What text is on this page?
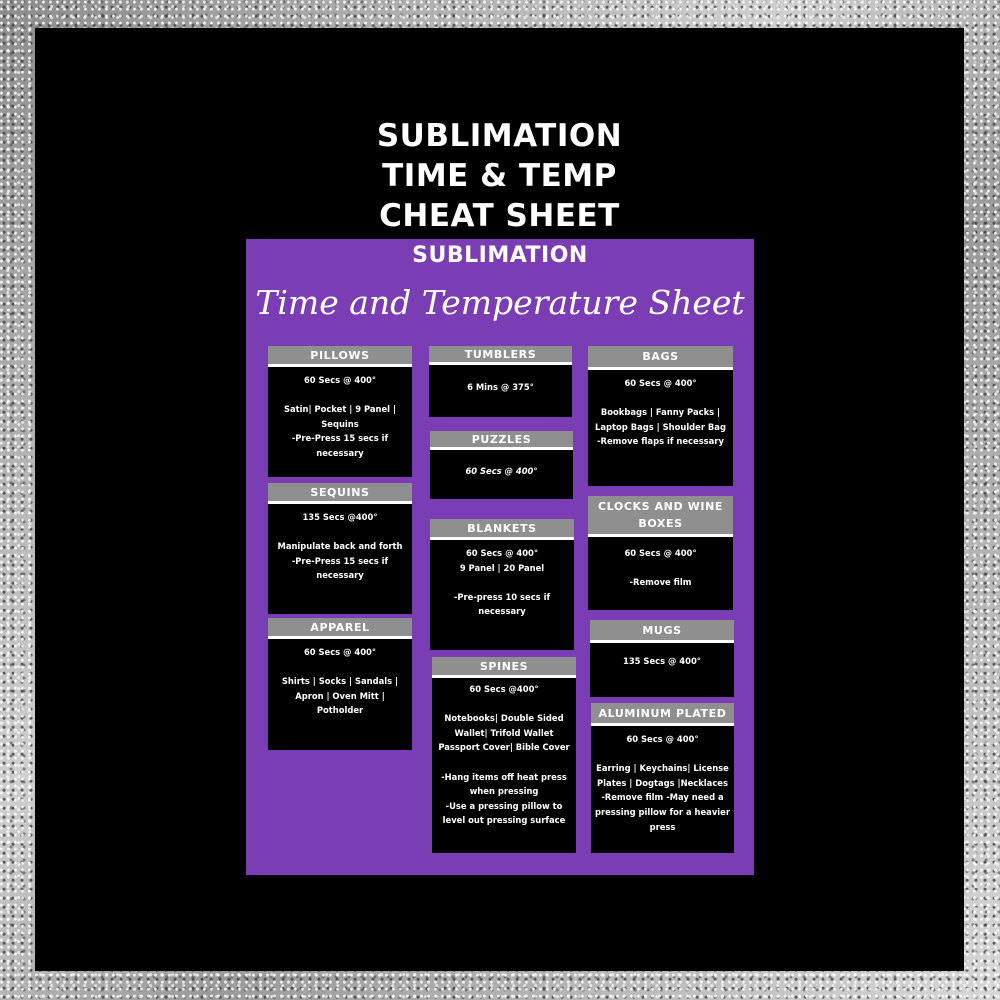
SUBLIMATION
TIME & TEMP
CHEAT SHEET
SUBLIMATION
Time and Temperature Sheet
PILLOWS
60 Secs @ 400°

Satin| Pocket | 9 Panel | Sequins
-Pre-Press 15 secs if necessary
SEQUINS
135 Secs @400°

Manipulate back and forth
-Pre-Press 15 secs if necessary
APPAREL
60 Secs @ 400°

Shirts | Socks | Sandals | Apron | Oven Mitt | Potholder
TUMBLERS
6 Mins @ 375°
PUZZLES
60 Secs @ 400°
BLANKETS
60 Secs @ 400°
9 Panel | 20 Panel

-Pre-press 10 secs if necessary
SPINES
60 Secs @400°

Notebooks| Double Sided Wallet| Trifold Wallet Passport Cover| Bible Cover

-Hang items off heat press when pressing
-Use a pressing pillow to level out pressing surface
BAGS
60 Secs @ 400°

Bookbags | Fanny Packs | Laptop Bags | Shoulder Bag
-Remove flaps if necessary
CLOCKS AND WINE BOXES
60 Secs @ 400°

-Remove film
MUGS
135 Secs @ 400°
ALUMINUM PLATED
60 Secs @ 400°

Earring | Keychains| License Plates | Dogtags |Necklaces
-Remove film -May need a pressing pillow for a heavier press
